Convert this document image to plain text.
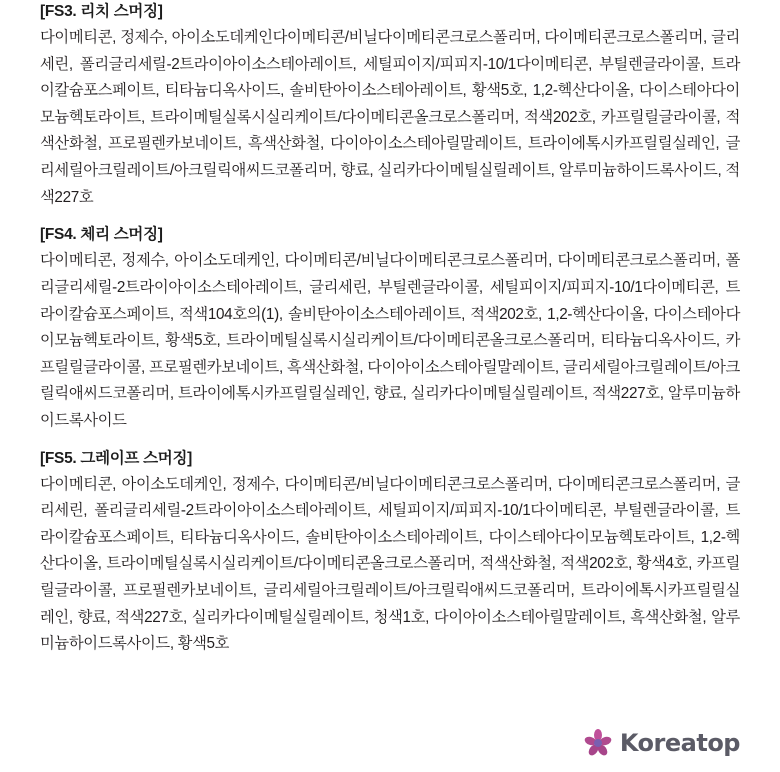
[FS3. 리치 스머징]
다이메티콘, 정제수, 아이소도데케인다이메티콘/비닐다이메티콘크로스폴리머, 다이메티콘크로스폴리머, 글리세린, 폴리글리세릴-2트라이아이소스테아레이트, 세틸피이지/피피지-10/1다이메티콘, 부틸렌글라이콜, 트라이칼슘포스페이트, 티타늄디옥사이드, 솔비탄아이소스테아레이트, 황색5호, 1,2-헥산다이올, 다이스테아다이모늄헥토라이트, 트라이메틸실록시실리케이트/다이메티콘올크로스폴리머, 적색202호, 카프릴릴글라이콜, 적색산화철, 프로필렌카보네이트, 흑색산화철, 다이아이소스테아릴말레이트, 트라이에톡시카프릴릴실레인, 글리세릴아크릴레이트/아크릴릭애씨드코폴리머, 향료, 실리카다이메틸실릴레이트, 알루미늄하이드록사이드, 적색227호
[FS4. 체리 스머징]
다이메티콘, 정제수, 아이소도데케인, 다이메티콘/비닐다이메티콘크로스폴리머, 다이메티콘크로스폴리머, 폴리글리세릴-2트라이아이소스테아레이트, 글리세린, 부틸렌글라이콜, 세틸피이지/피피지-10/1다이메티콘, 트라이칼슘포스페이트, 적색104호의(1), 솔비탄아이소스테아레이트, 적색202호, 1,2-헥산다이올, 다이스테아다이모늄헥토라이트, 황색5호, 트라이메틸실록시실리케이트/다이메티콘올크로스폴리머, 티타늄디옥사이드, 카프릴릴글라이콜, 프로필렌카보네이트, 흑색산화철, 다이아이소스테아릴말레이트, 글리세릴아크릴레이트/아크릴릭애씨드코폴리머, 트라이에톡시카프릴릴실레인, 향료, 실리카다이메틸실릴레이트, 적색227호, 알루미늄하이드록사이드
[FS5. 그레이프 스머징]
다이메티콘, 아이소도데케인, 정제수, 다이메티콘/비닐다이메티콘크로스폴리머, 다이메티콘크로스폴리머, 글리세린, 폴리글리세릴-2트라이아이소스테아레이트, 세틸피이지/피피지-10/1다이메티콘, 부틸렌글라이콜, 트라이칼슘포스페이트, 티타늄디옥사이드, 솔비탄아이소스테아레이트, 다이스테아다이모늄헥토라이트, 1,2-헥산다이올, 트라이메틸실록시실리케이트/다이메티콘올크로스폴리머, 적색산화철, 적색202호, 황색4호, 카프릴릴글라이콜, 프로필렌카보네이트, 글리세릴아크릴레이트/아크릴릭애씨드코폴리머, 트라이에톡시카프릴릴실레인, 향료, 적색227호, 실리카다이메틸실릴레이트, 청색1호, 다이아이소스테아릴말레이트, 흑색산화철, 알루미늄하이드록사이드, 황색5호
Koreatop
